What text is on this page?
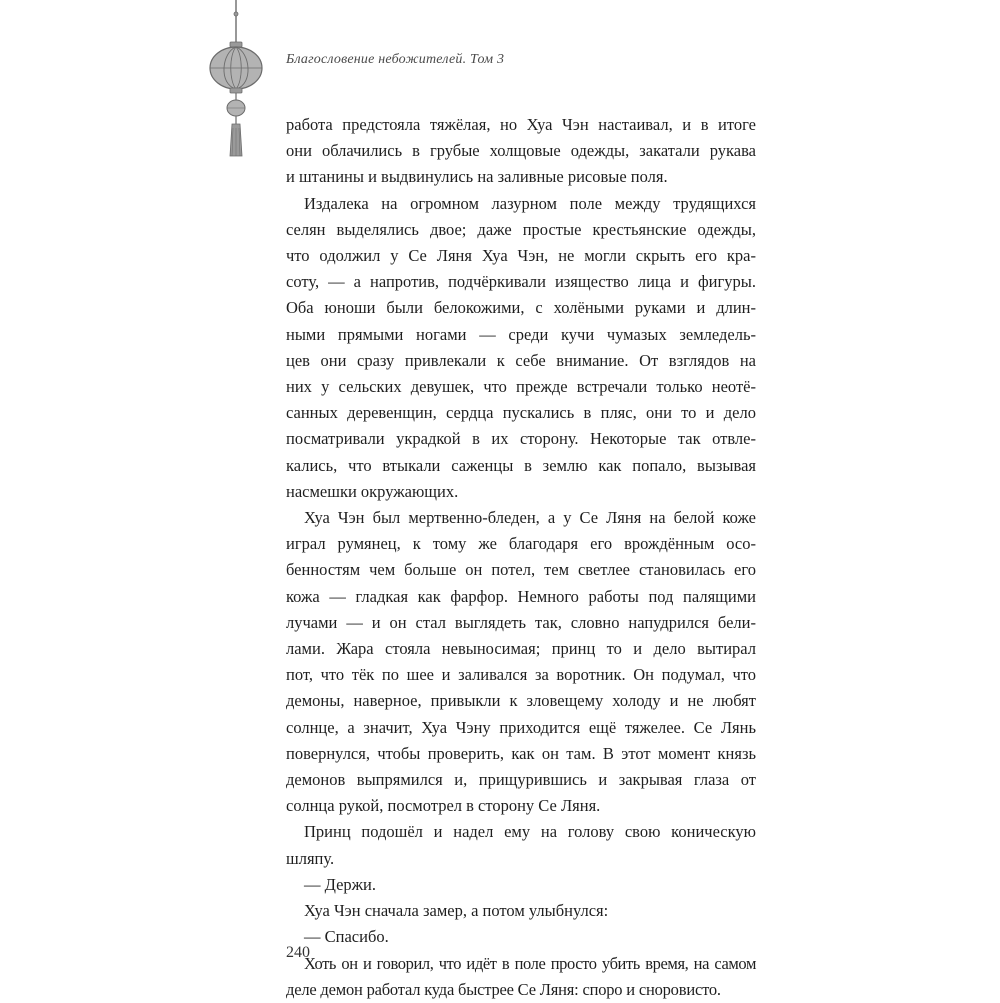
Благословение небожителей. Том 3
работа предстояла тяжёлая, но Хуа Чэн настаивал, и в итоге
они облачились в грубые холщовые одежды, закатали рукава
и штанины и выдвинулись на заливные рисовые поля.
Издалека на огромном лазурном поле между трудящихся
селян выделялись двое; даже простые крестьянские одежды,
что одолжил у Се Ляня Хуа Чэн, не могли скрыть его кра-
соту, — а напротив, подчёркивали изящество лица и фигуры.
Оба юноши были белокожими, с холёными руками и длин-
ными прямыми ногами — среди кучи чумазых земледель-
цев они сразу привлекали к себе внимание. От взглядов на
них у сельских девушек, что прежде встречали только неотё-
санных деревенщин, сердца пускались в пляс, они то и дело
посматривали украдкой в их сторону. Некоторые так отвле-
кались, что втыкали саженцы в землю как попало, вызывая
насмешки окружающих.
Хуа Чэн был мертвенно-бледен, а у Се Ляня на белой коже
играл румянец, к тому же благодаря его врождённым осо-
бенностям чем больше он потел, тем светлее становилась его
кожа — гладкая как фарфор. Немного работы под палящими
лучами — и он стал выглядеть так, словно напудрился бели-
лами. Жара стояла невыносимая; принц то и дело вытирал
пот, что тёк по шее и заливался за воротник. Он подумал, что
демоны, наверное, привыкли к зловещему холоду и не любят
солнце, а значит, Хуа Чэну приходится ещё тяжелее. Се Лянь
повернулся, чтобы проверить, как он там. В этот момент князь
демонов выпрямился и, прищурившись и закрывая глаза от
солнца рукой, посмотрел в сторону Се Ляня.
Принц подошёл и надел ему на голову свою коническую
шляпу.
— Держи.
Хуа Чэн сначала замер, а потом улыбнулся:
— Спасибо.
Хоть он и говорил, что идёт в поле просто убить время, на самом
деле демон работал куда быстрее Се Ляня: споро и сноровисто.
240
